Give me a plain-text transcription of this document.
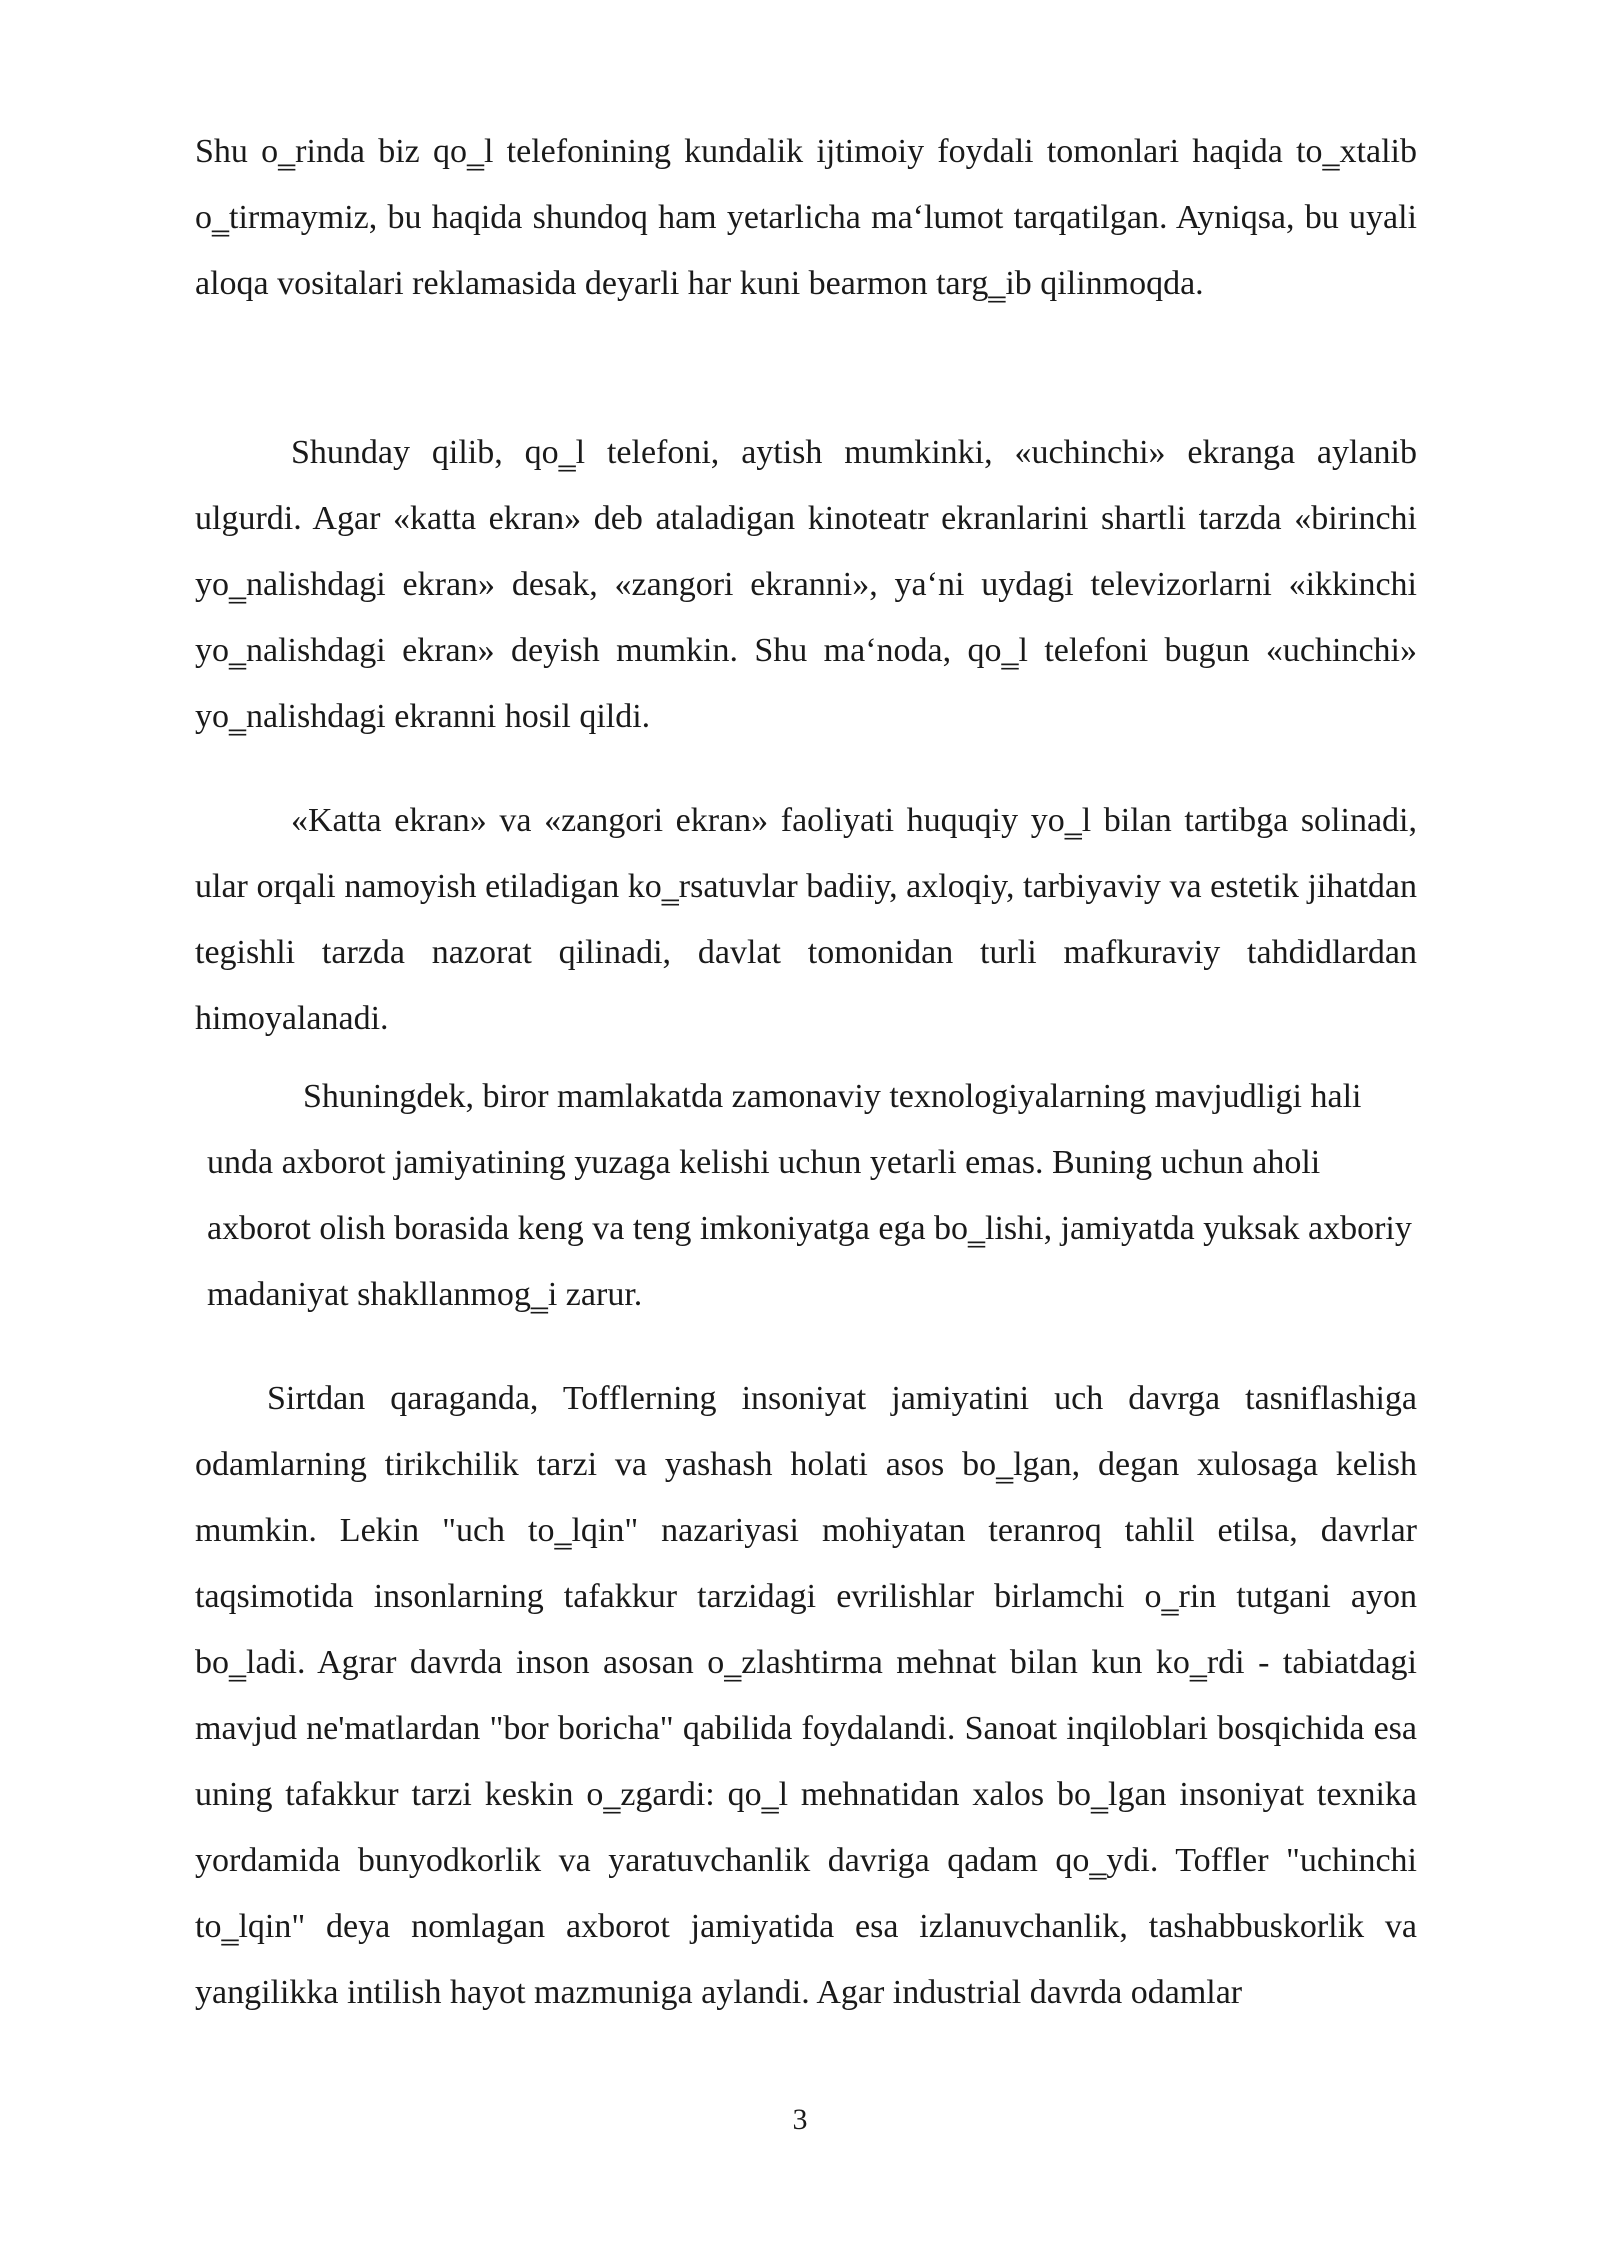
Shu o‗rinda biz qo‗l telefonining kundalik ijtimoiy foydali tomonlari haqida to‗xtalib o‗tirmaymiz, bu haqida shundoq ham yetarlicha ma‘lumot tarqatilgan. Ayniqsa, bu uyali aloqa vositalari reklamasida deyarli har kuni bearmon targ‗ib qilinmoqda.

Shunday qilib, qo‗l telefoni, aytish mumkinki, «uchinchi» ekranga aylanib ulgurdi. Agar «katta ekran» deb ataladigan kinoteatr ekranlarini shartli tarzda «birinchi yo‗nalishdagi ekran» desak, «zangori ekranni», ya‘ni uydagi televizorlarni «ikkinchi yo‗nalishdagi ekran» deyish mumkin. Shu ma‘noda, qo‗l telefoni bugun «uchinchi» yo‗nalishdagi ekranni hosil qildi.

«Katta ekran» va «zangori ekran» faoliyati huquqiy yo‗l bilan tartibga solinadi, ular orqali namoyish etiladigan ko‗rsatuvlar badiiy, axloqiy, tarbiyaviy va estetik jihatdan tegishli tarzda nazorat qilinadi, davlat tomonidan turli mafkuraviy tahdidlardan himoyalanadi.

Shuningdek, biror mamlakatda zamonaviy texnologiyalarning mavjudligi hali unda axborot jamiyatining yuzaga kelishi uchun yetarli emas. Buning uchun aholi axborot olish borasida keng va teng imkoniyatga ega bo‗lishi, jamiyatda yuksak axboriy madaniyat shakllanmog‗i zarur.

Sirtdan qaraganda, Tofflerning insoniyat jamiyatini uch davrga tasniflashiga odamlarning tirikchilik tarzi va yashash holati asos bo‗lgan, degan xulosaga kelish mumkin. Lekin "uch to‗lqin" nazariyasi mohiyatan teranroq tahlil etilsa, davrlar taqsimotida insonlarning tafakkur tarzidagi evrilishlar birlamchi o‗rin tutgani ayon bo‗ladi. Agrar davrda inson asosan o‗zlashtirma mehnat bilan kun ko‗rdi - tabiatdagi mavjud ne'matlardan "bor boricha" qabilida foydalandi. Sanoat inqiloblari bosqichida esa uning tafakkur tarzi keskin o‗zgardi: qo‗l mehnatidan xalos bo‗lgan insoniyat texnika yordamida bunyodkorlik va yaratuvchanlik davriga qadam qo‗ydi. Toffler "uchinchi to‗lqin" deya nomlagan axborot jamiyatida esa izlanuvchanlik, tashabbuskorlik va yangilikka intilish hayot mazmuniga aylandi. Agar industrial davrda odamlar

3
